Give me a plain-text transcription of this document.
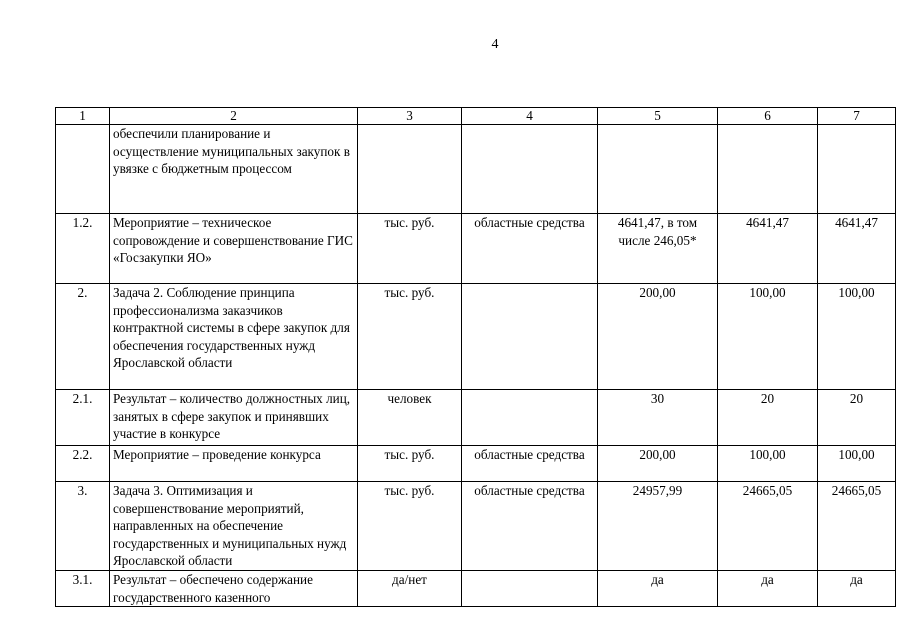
4
1	2	3	4	5	6	7
	обеспечили планирование и осуществление муниципальных закупок в увязке с бюджетным процессом					
1.2.	Мероприятие – техническое сопровождение и совершенствование ГИС «Госзакупки ЯО»	тыс. руб.	областные средства	4641,47, в том числе 246,05*	4641,47	4641,47
2.	Задача 2. Соблюдение принципа профессионализма заказчиков контрактной системы в сфере закупок для обеспечения государственных нужд Ярославской области	тыс. руб.		200,00	100,00	100,00
2.1.	Результат – количество должностных лиц, занятых в сфере закупок и принявших участие в конкурсе	человек		30	20	20
2.2.	Мероприятие – проведение конкурса	тыс. руб.	областные средства	200,00	100,00	100,00
3.	Задача 3. Оптимизация и совершенствование мероприятий, направленных на обеспечение государственных и муниципальных нужд Ярославской области	тыс. руб.	областные средства	24957,99	24665,05	24665,05
3.1.	Результат – обеспечено содержание государственного казенного	да/нет		да	да	да
